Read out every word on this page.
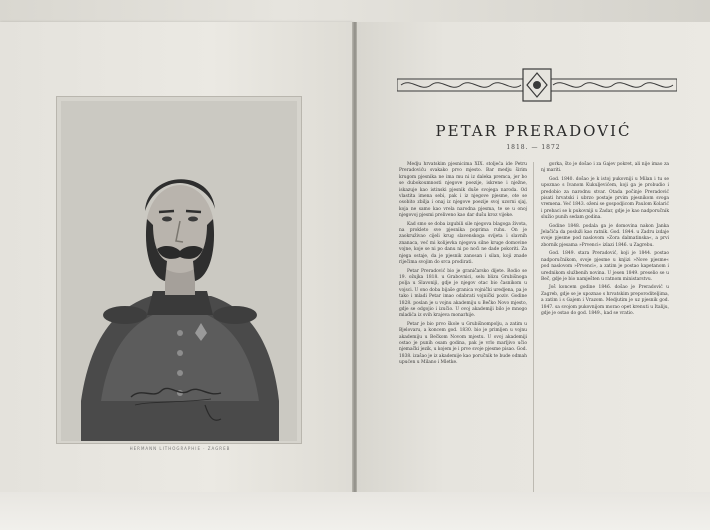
HERMANN LITHOGRAPHIE · ZAGREB
PETAR PRERADOVIĆ
1818. — 1872

Medju hrvatskim pjesnicima XIX. stoljeća ide Petru Preradoviću svakako prvo mjesto. Bar medju širim krugom pjesnika ne ima mu ni iz daleka premca, jer bo se dubokoumnosti njegove poezije, iskrene i nježne, iskazuje kao istinski pjesnik duše svojega naroda. Od vlastita imena sebi, pak i iz njegove pjesme, ote se osobito zbilja i onaj iz njegove poezije svoj uzorni sjaj, koja ne samo kao vrela narodna pjesma, te se u onoj njegovoj pjesmi preliveno kao dar dušu kroz vijeke.

Kad smo se doba izgubili sile njegova blagoga života, na prokleto sve pjesnika poprima ruhu. On je zaokruživao cijeli krug slavenskoga svijeta i slavnih znanaca, već mi kolijevka njegova silne kruge domovine vojne, koje se ni po danu ni po noći ne dade pokoriti. Za njega ostaje, da je pjesnik zanosan i silan, koji znade riječima svojim do srca prodirati.

Petar Preradović bio je graničarsko dijete. Rodio se 19. ožujka 1818. u Grabovnici, selu blizu Grubišnoga polja u Slavoniji, gdje je njegov otac bio časnikom u vojsci. U ono doba bijaše granica vojnički uredjena, pa je tako i mladi Petar imao odabrati vojnički poziv. Godine 1828. poslan je u vojnu akademiju u Bečko Novo mjesto, gdje se odgojio i izučio. U ovoj akademiji bilo je mnogo mladića iz svih krajeva monarhije.

Petar je bio prvo škole u Grubišnompolju, a zatim u Bjelovaru, a koncem god. 1830. bio je primljen u vojnu akademiju u Bečkom Novom mjestu. U ovoj akademiji ostao je punih osam godina, pak je vrlo marljivo učio njemački jezik, u kojem je i prve svoje pjesme pisao. God. 1838. izašao je iz akademije kao poručnik te bude odmah upućen u Milano i Mletke.

gorka, što je došao i za Gajev pokret, ali nije imao za nj mariti.

God. 1840. došao je k istoj pukovniji u Milan i tu se upoznao s Ivanom Kukuljevićem, koji ga je probudio i predobio za narodnu stvar. Otada počinje Preradović pisati hrvatski i ubrzo postaje prvim pjesnikom svoga vremena. Već 1843. oženi se gospodjicom Paulom Kolarić i prebaci se k pukovniji u Zadar, gdje je kao nadporučnik služio punih sedam godina.

Godine 1848. podala ga je domovina nakon Janka Jelačića da posluži kao ratnik. God. 1844. u Zadru izdaje svoje pjesme pod naslovom »Zora dalmatinska«, a prvi zbornik pjesama »Prvenci« izlazi 1846. u Zagrebu.

God. 1849. stara Preradović, koji je 1844. postao nadporučnikom, svoje pjesme u knjizi »Nove pjesme« pod naslovom »Prvenci«, a zatim je postao kapetanom i urednikom službenih novina. U jesen 1849. preselio se u Beč, gdje je bio namješten u ratnom ministarstvu.

Još koncem godine 1846. došao je Preradović u Zagreb, gdje se je upoznao s hrvatskim preporoditeljima, a zatim i s Gajem i Vrazom. Medjutim je uz pjesnik god. 1847. sa svojom pukovnijom morao opet krenuti u Italiju, gdje je ostao do god. 1849., kad se vratio.
